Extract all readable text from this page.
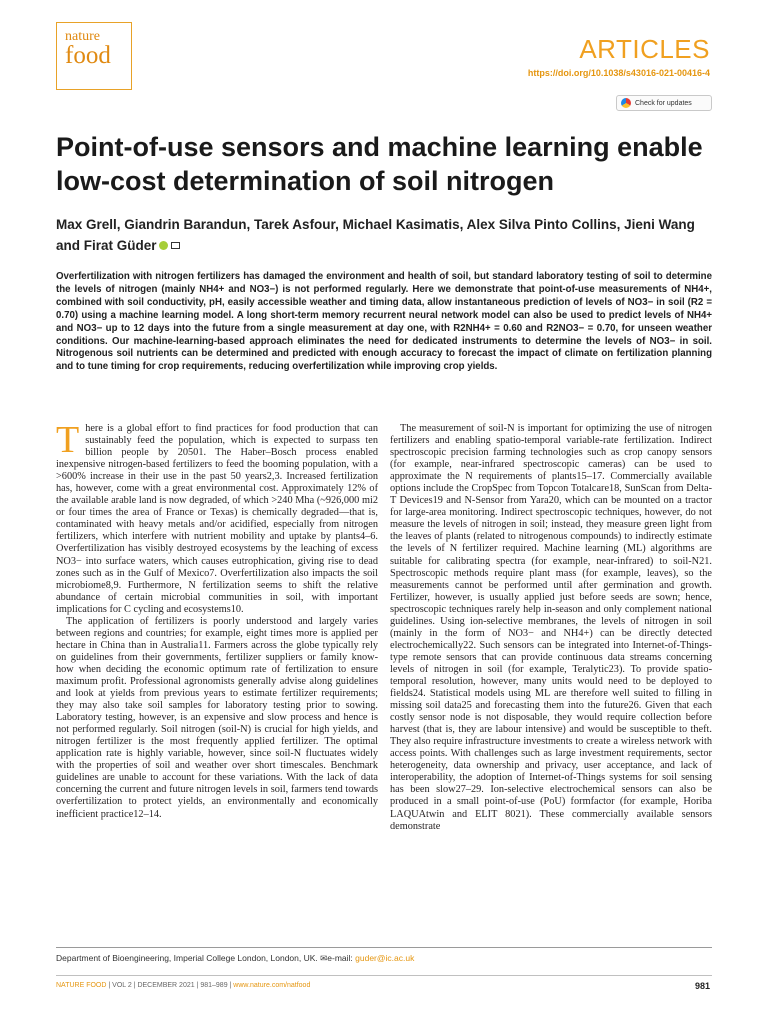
nature
food	ARTICLES
https://doi.org/10.1038/s43016-021-00416-4
Check for updates
Point-of-use sensors and machine learning enable low-cost determination of soil nitrogen
Max Grell, Giandrin Barandun, Tarek Asfour, Michael Kasimatis, Alex Silva Pinto Collins, Jieni Wang and Firat Güder
Overfertilization with nitrogen fertilizers has damaged the environment and health of soil, but standard laboratory testing of soil to determine the levels of nitrogen (mainly NH4+ and NO3−) is not performed regularly. Here we demonstrate that point-of-use measurements of NH4+, combined with soil conductivity, pH, easily accessible weather and timing data, allow instantaneous prediction of levels of NO3− in soil (R2 = 0.70) using a machine learning model. A long short-term memory recurrent neural network model can also be used to predict levels of NH4+ and NO3− up to 12 days into the future from a single measurement at day one, with R2NH4+ = 0.60 and R2NO3− = 0.70, for unseen weather conditions. Our machine-learning-based approach eliminates the need for dedicated instruments to determine the levels of NO3− in soil. Nitrogenous soil nutrients can be determined and predicted with enough accuracy to forecast the impact of climate on fertilization planning and to tune timing for crop requirements, reducing overfertilization while improving crop yields.

There is a global effort to find practices for food production that can sustainably feed the population, which is expected to surpass ten billion people by 20501. The Haber–Bosch process enabled inexpensive nitrogen-based fertilizers to feed the booming population, with a >600% increase in their use in the past 50 years2,3. Increased fertilization has, however, come with a great environmental cost. Approximately 12% of the available arable land is now degraded, of which >240 Mha (~926,000 mi2 or four times the area of France or Texas) is chemically degraded—that is, contaminated with heavy metals and/or acidified, especially from nitrogen fertilizers, which interfere with nutrient mobility and uptake by plants4–6. Overfertilization has visibly destroyed ecosystems by the leaching of excess NO3− into surface waters, which causes eutrophication, giving rise to dead zones such as in the Gulf of Mexico7. Overfertilization also impacts the soil microbiome8,9. Furthermore, N fertilization seems to shift the relative abundance of certain microbial communities in soil, with important implications for C cycling and ecosystems10.

The application of fertilizers is poorly understood and largely varies between regions and countries; for example, eight times more is applied per hectare in China than in Australia11. Farmers across the globe typically rely on guidelines from their governments, fertilizer suppliers or family know-how when deciding the economic optimum rate of fertilization to ensure maximum profit. Professional agronomists generally advise along guidelines and look at yields from previous years to estimate fertilizer requirements; they may also take soil samples for laboratory testing prior to sowing. Laboratory testing, however, is an expensive and slow process and hence is not performed regularly. Soil nitrogen (soil-N) is crucial for high yields, and nitrogen fertilizer is the most frequently applied fertilizer. The optimal application rate is highly variable, however, since soil-N fluctuates widely with the properties of soil and weather over short timescales. Benchmark guidelines are unable to account for these variations. With the lack of data concerning the current and future nitrogen levels in soil, farmers tend towards overfertilization to protect yields, an environmentally and economically inefficient practice12–14.

The measurement of soil-N is important for optimizing the use of nitrogen fertilizers and enabling spatio-temporal variable-rate fertilization. Indirect spectroscopic precision farming technologies such as crop canopy sensors (for example, near-infrared spectroscopic cameras) can be used to approximate the N requirements of plants15–17. Commercially available options include the CropSpec from Topcon Totalcare18, SunScan from Delta-T Devices19 and N-Sensor from Yara20, which can be mounted on a tractor for large-area monitoring. Indirect spectroscopic techniques, however, do not measure the levels of nitrogen in soil; instead, they measure green light from the leaves of plants (related to nitrogenous compounds) to indirectly estimate the levels of N fertilizer required. Machine learning (ML) algorithms are suitable for calibrating spectra (for example, near-infrared) to soil-N21. Spectroscopic methods require plant mass (for example, leaves), so the measurements cannot be performed until after germination and growth. Fertilizer, however, is usually applied just before seeds are sown; hence, spectroscopic techniques rarely help in-season and only complement national guidelines. Using ion-selective membranes, the levels of nitrogen in soil (mainly in the form of NO3− and NH4+) can be directly detected electrochemically22. Such sensors can be integrated into Internet-of-Things-type remote sensors that can provide continuous data streams concerning levels of nitrogen in soil (for example, Teralytic23). To provide spatio-temporal resolution, however, many units would need to be deployed to fields24. Statistical models using ML are therefore well suited to filling in missing soil data25 and forecasting them into the future26. Given that each costly sensor node is not disposable, they would require collection before harvest (that is, they are labour intensive) and would be susceptible to theft. They also require infrastructure investments to create a wireless network with access points. With challenges such as large investment requirements, sector heterogeneity, data ownership and privacy, user acceptance, and lack of interoperability, the adoption of Internet-of-Things systems for soil sensing has been slow27–29. Ion-selective electrochemical sensors can also be produced in a small point-of-use (PoU) formfactor (for example, Horiba LAQUAtwin and ELIT 8021). These commercially available sensors demonstrate

Department of Bioengineering, Imperial College London, London, UK. ✉e-mail: guder@ic.ac.uk
NATURE FOOD | VOL 2 | DECEMBER 2021 | 981–989 | www.nature.com/natfood	981
